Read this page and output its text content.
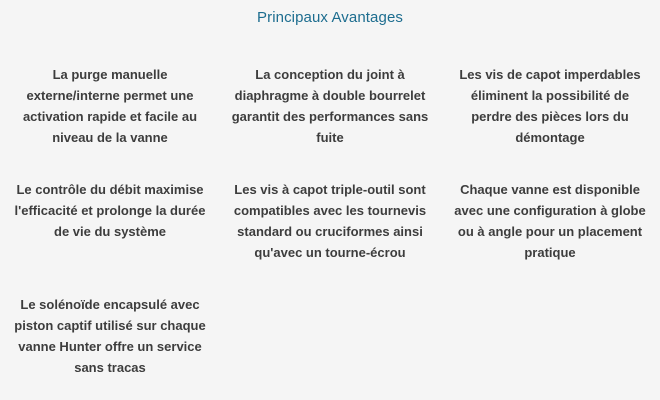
Principaux Avantages
La purge manuelle
externe/interne permet une
activation rapide et facile au
niveau de la vanne
La conception du joint à
diaphragme à double bourrelet
garantit des performances sans
fuite
Les vis de capot imperdables
éliminent la possibilité de
perdre des pièces lors du
démontage
Le contrôle du débit maximise
l'efficacité et prolonge la durée
de vie du système
Les vis à capot triple-outil sont
compatibles avec les tournevis
standard ou cruciformes ainsi
qu'avec un tourne-écrou
Chaque vanne est disponible
avec une configuration à globe
ou à angle pour un placement
pratique
Le solénoïde encapsulé avec
piston captif utilisé sur chaque
vanne Hunter offre un service
sans tracas
